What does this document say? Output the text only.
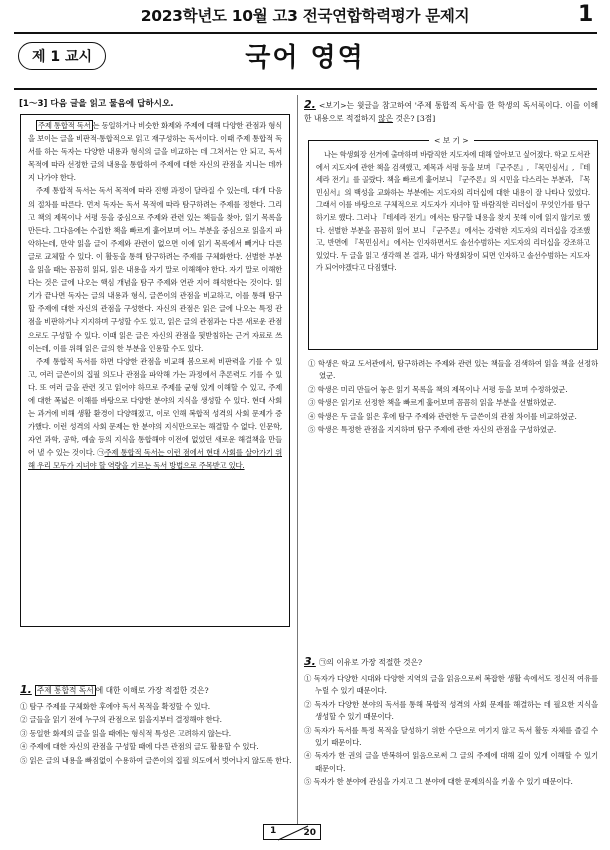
2023학년도 10월 고3 전국연합학력평가 문제지	1
제 1 교시	국어 영역
[1～3] 다음 글을 읽고 물음에 답하시오.

주제 통합적 독서 는 동일하거나 비슷한 화제와 주제에 대해 다양한 관점과 형식을 보이는 글을 비판적·통합적으로 읽고 재구성하는 독서이다. 이때 주제 통합적 독서를 하는 독자는 다양한 내용과 형식의 글을 비교하는 데 그쳐서는 안 되고, 독서 목적에 따라 선정한 글의 내용을 통합하여 주제에 대한 자신의 관점을 지니는 데까지 나가야 한다.

주제 통합적 독서는 독서 목적에 따라 진행 과정이 달라질 수 있는데, 대개 다음의 절차를 따른다. 먼저 독자는 독서 목적에 따라 탐구하려는 주제를 정한다. 그리고 책의 제목이나 서평 등을 중심으로 주제와 관련 있는 책들을 찾아, 읽기 목록을 만든다. 그다음에는 수집한 책을 빠르게 훑어보며 어느 부분을 중심으로 읽을지 파악하는데, 만약 읽을 글이 주제와 관련이 없으면 이에 읽기 목록에서 빼거나 다른 글로 교체할 수 있다. 이 활동을 통해 탐구하려는 주제를 구체화한다. 선별한 부분을 읽을 때는 꼼꼼히 읽되, 읽은 내용을 자기 말로 이해해야 한다. 자기 말로 이해한다는 것은 글에 나오는 핵심 개념을 탐구 주제와 연관 지어 해석한다는 것이다. 읽기가 끝나면 독자는 글의 내용과 형식, 글쓴이의 관점을 비교하고, 이를 통해 탐구할 주제에 대한 자신의 관점을 구성한다. 자신의 관점은 읽은 글에 나오는 특정 관점을 비판하거나 지지하며 구성할 수도 있고, 읽은 글의 관점과는 다른 새로운 관점으로도 구성할 수 있다. 이때 읽은 글은 자신의 관점을 뒷받침하는 근거 자료로 쓰이는데, 이를 위해 읽은 글의 한 부분을 인용할 수도 있다.

주제 통합적 독서를 하면 다양한 관점을 비교해 봄으로써 비판력을 기를 수 있고, 여러 글쓴이의 집필 의도나 관점을 파악해 가는 과정에서 추론력도 기를 수 있다. 또 여러 글을 관련 짓고 읽어야 하므로 주제를 균형 있게 이해할 수 있고, 주제에 대한 폭넓은 이해를 바탕으로 다양한 분야의 지식을 생성할 수 있다. 현대 사회는 과거에 비해 생활 환경이 다양해졌고, 이로 인해 복합적 성격의 사회 문제가 증가했다. 이런 성격의 사회 문제는 한 분야의 지식만으로는 해결할 수 없다. 인문학, 자연 과학, 공학, 예술 등의 지식을 통합해야 이전에 없었던 새로운 해결책을 만들어 낼 수 있는 것이다. ㉠주제 통합적 독서는 이런 점에서 현대 사회를 살아가기 위해 우리 모두가 지녀야 할 역량을 기르는 독서 방법으로 주목받고 있다.

1. 주제 통합적 독서 에 대한 이해로 가장 적절한 것은?

① 탐구 주제를 구체화한 후에야 독서 목적을 확정할 수 있다.

② 글들을 읽기 전에 누구의 관점으로 읽을지부터 결정해야 한다.

③ 동일한 화제의 글을 읽을 때에는 형식적 특성은 고려하지 않는다.

④ 주제에 대한 자신의 관점을 구성할 때에 다른 관점의 글도 활용할 수 있다.

⑤ 읽은 글의 내용을 빠짐없이 수용하여 글쓴이의 집필 의도에서 벗어나지 않도록 한다.

2. <보기>는 윗글을 참고하여 '주제 통합적 독서'를 한 학생의 독서록이다. 이를 이해한 내용으로 적절하지 않은 것은? [3점]
< 보 기 >

나는 학생회장 선거에 출마하며 바람직한 지도자에 대해 알아보고 싶어졌다. 학교 도서관에서 지도자에 관한 책을 검색했고, 제목과 서평 등을 보며 『군주론』, 『목민심서』, 『테세라 전기』를 골랐다. 책을 빠르게 훑어보니 『군주론』의 시민을 다스리는 부분과, 『목민심서』의 백성을 교화하는 부분에는 지도자의 리더십에 대한 내용이 잘 나타나 있었다. 그래서 이를 바탕으로 구체적으로 지도자가 지녀야 할 바람직한 리더십이 무엇인가를 탐구하기로 했다. 그러나 『테세라 전기』에서는 탐구할 내용을 찾지 못해 이에 읽지 않기로 했다. 선별한 부분을 꼼꼼히 읽어 보니 『군주론』에서는 강력한 지도자의 리더십을 강조했고, 반면에 『목민심서』에서는 인자하면서도 솔선수범하는 지도자의 리더십을 강조하고 있었다. 두 글을 읽고 생각해 본 결과, 내가 학생회장이 되면 인자하고 솔선수범하는 지도자가 되어야겠다고 다짐했다.

① 학생은 학교 도서관에서, 탐구하려는 주제와 관련 있는 책들을 검색하여 읽을 책을 선정하였군.

② 학생은 미리 만들어 놓은 읽기 목록을 책의 제목이나 서평 등을 보며 수정하였군.

③ 학생은 읽기로 선정한 책을 빠르게 훑어보며 꼼꼼히 읽을 부분을 선별하였군.

④ 학생은 두 글을 읽은 후에 탐구 주제와 관련한 두 글쓴이의 관점 차이를 비교하였군.

⑤ 학생은 특정한 관점을 지지하며 탐구 주제에 관한 자신의 관점을 구성하였군.

3. ㉠의 이유로 가장 적절한 것은?

① 독자가 다양한 시대와 다양한 지역의 글을 읽음으로써 복잡한 생활 속에서도 정신적 여유를 누릴 수 있기 때문이다.

② 독자가 다양한 분야의 독서를 통해 복합적 성격의 사회 문제를 해결하는 데 필요한 지식을 생성할 수 있기 때문이다.

③ 독자가 독서를 특정 목적을 달성하기 위한 수단으로 여기지 않고 독서 활동 자체를 즐길 수 있기 때문이다.

④ 독자가 한 권의 글을 반복하여 읽음으로써 그 글의 주제에 대해 깊이 있게 이해할 수 있기 때문이다.

⑤ 독자가 한 분야에 관심을 가지고 그 분야에 대한 문제의식을 키울 수 있기 때문이다.

1	20
